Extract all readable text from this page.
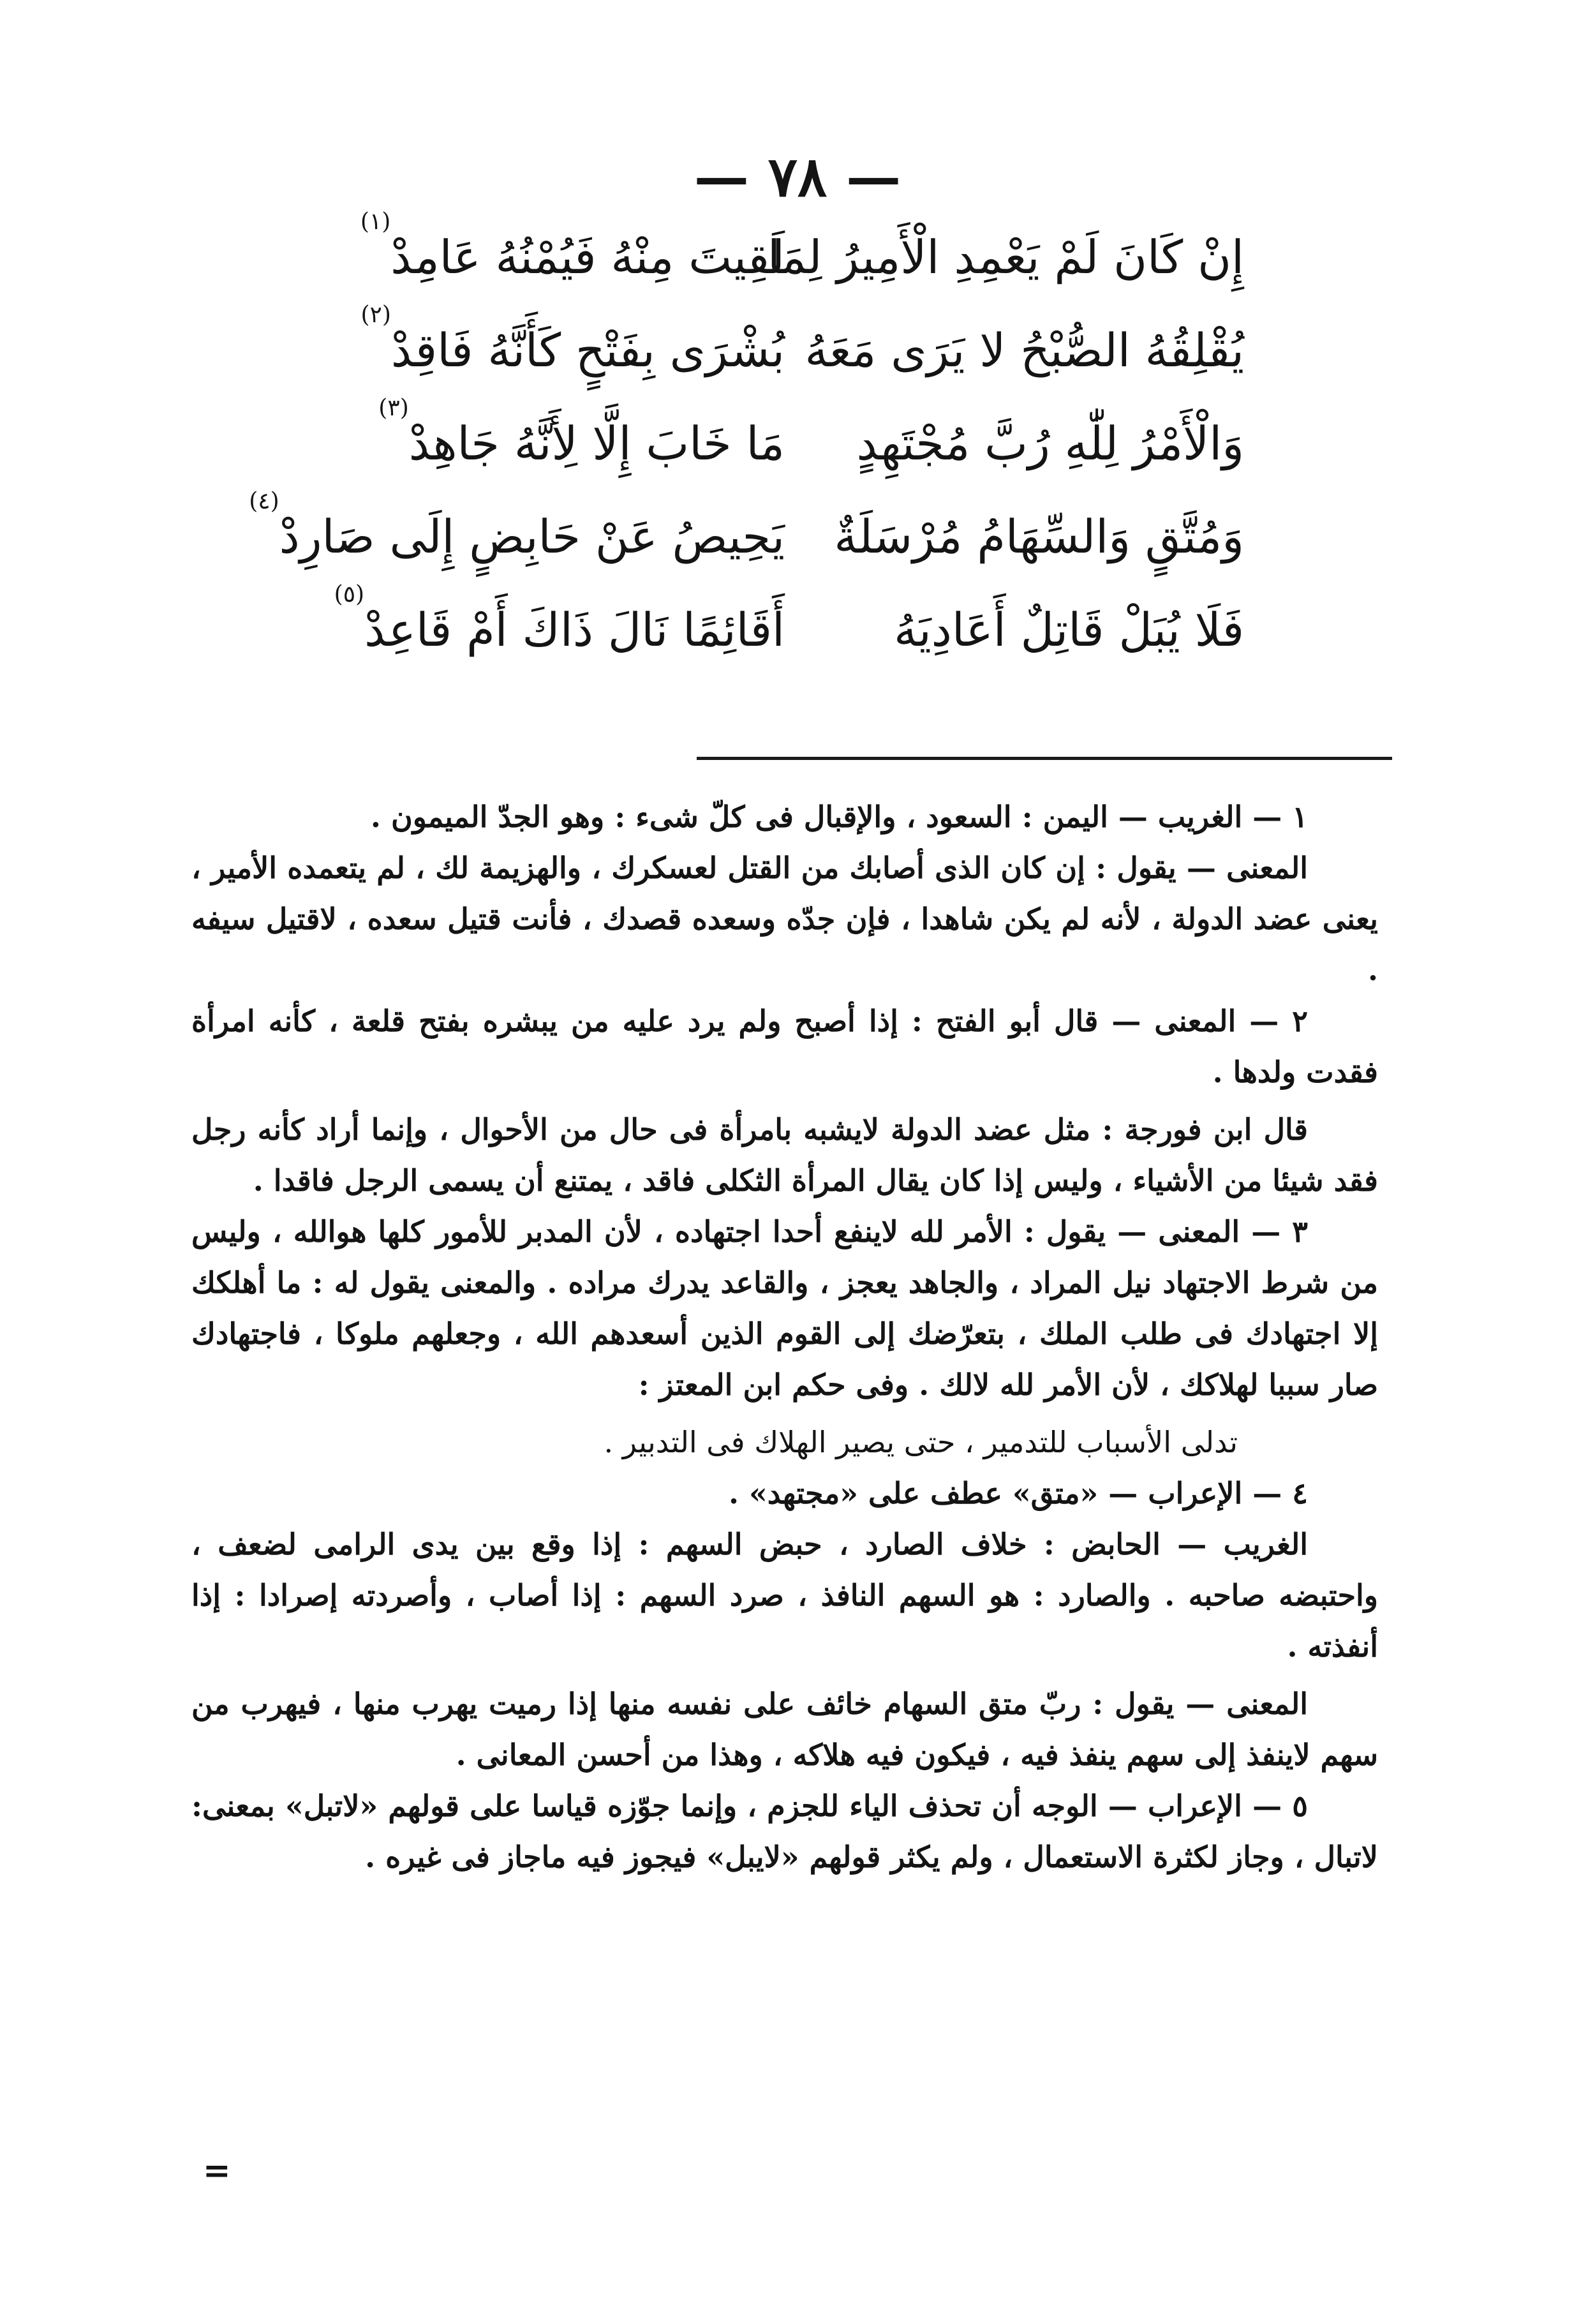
— ٧٨ —
إِنْ كَانَ لَمْ يَعْمِدِ الْأَمِيرُ لِمَا
لَقِيتَ مِنْهُ فَيُمْنُهُ عَامِدْ$^{(١)}$
يُقْلِقُهُ الصُّبْحُ لا يَرَى مَعَهُ
بُشْرَى بِفَتْحٍ كَأَنَّهُ فَاقِدْ$^{(٢)}$
وَالْأَمْرُ لِلّٰهِ رُبَّ مُجْتَهِدٍ
مَا خَابَ إِلَّا لِأَنَّهُ جَاهِدْ$^{(٣)}$
وَمُتَّقٍ وَالسِّهَامُ مُرْسَلَةٌ
يَحِيصُ عَنْ حَابِضٍ إِلَى صَارِدْ$^{(٤)}$
فَلَا يُبَلْ قَاتِلٌ أَعَادِيَهُ
أَقَائِمًا نَالَ ذَاكَ أَمْ قَاعِدْ$^{(٥)}$

١ — الغريب — اليمن : السعود ، والإقبال فى كلّ شىء : وهو الجدّ الميمون .

المعنى — يقول : إن كان الذى أصابك من القتل لعسكرك ، والهزيمة لك ، لم يتعمده الأمير ، يعنى عضد الدولة ، لأنه لم يكن شاهدا ، فإن جدّه وسعده قصدك ، فأنت قتيل سعده ، لاقتيل سيفه .

٢ — المعنى — قال أبو الفتح : إذا أصبح ولم يرد عليه من يبشره بفتح قلعة ، كأنه امرأة فقدت ولدها .

قال ابن فورجة : مثل عضد الدولة لايشبه بامرأة فى حال من الأحوال ، وإنما أراد كأنه رجل فقد شيئا من الأشياء ، وليس إذا كان يقال المرأة الثكلى فاقد ، يمتنع أن يسمى الرجل فاقدا .

٣ — المعنى — يقول : الأمر لله لاينفع أحدا اجتهاده ، لأن المدبر للأمور كلها هوالله ، وليس من شرط الاجتهاد نيل المراد ، والجاهد يعجز ، والقاعد يدرك مراده . والمعنى يقول له : ما أهلكك إلا اجتهادك فى طلب الملك ، بتعرّضك إلى القوم الذين أسعدهم الله ، وجعلهم ملوكا ، فاجتهادك صار سببا لهلاكك ، لأن الأمر لله لالك . وفى حكم ابن المعتز :

تدلى الأسباب للتدمير ، حتى يصير الهلاك فى التدبير .

٤ — الإعراب — «متق» عطف على «مجتهد» .

الغريب — الحابض : خلاف الصارد ، حبض السهم : إذا وقع بين يدى الرامى لضعف ، واحتبضه صاحبه . والصارد : هو السهم النافذ ، صرد السهم : إذا أصاب ، وأصردته إصرادا : إذا أنفذته .

المعنى — يقول : ربّ متق السهام خائف على نفسه منها إذا رميت يهرب منها ، فيهرب من سهم لاينفذ إلى سهم ينفذ فيه ، فيكون فيه هلاكه ، وهذا من أحسن المعانى .

٥ — الإعراب — الوجه أن تحذف الياء للجزم ، وإنما جوّزه قياسا على قولهم «لاتبل» بمعنى: لاتبال ، وجاز لكثرة الاستعمال ، ولم يكثر قولهم «لايبل» فيجوز فيه ماجاز فى غيره .

=
